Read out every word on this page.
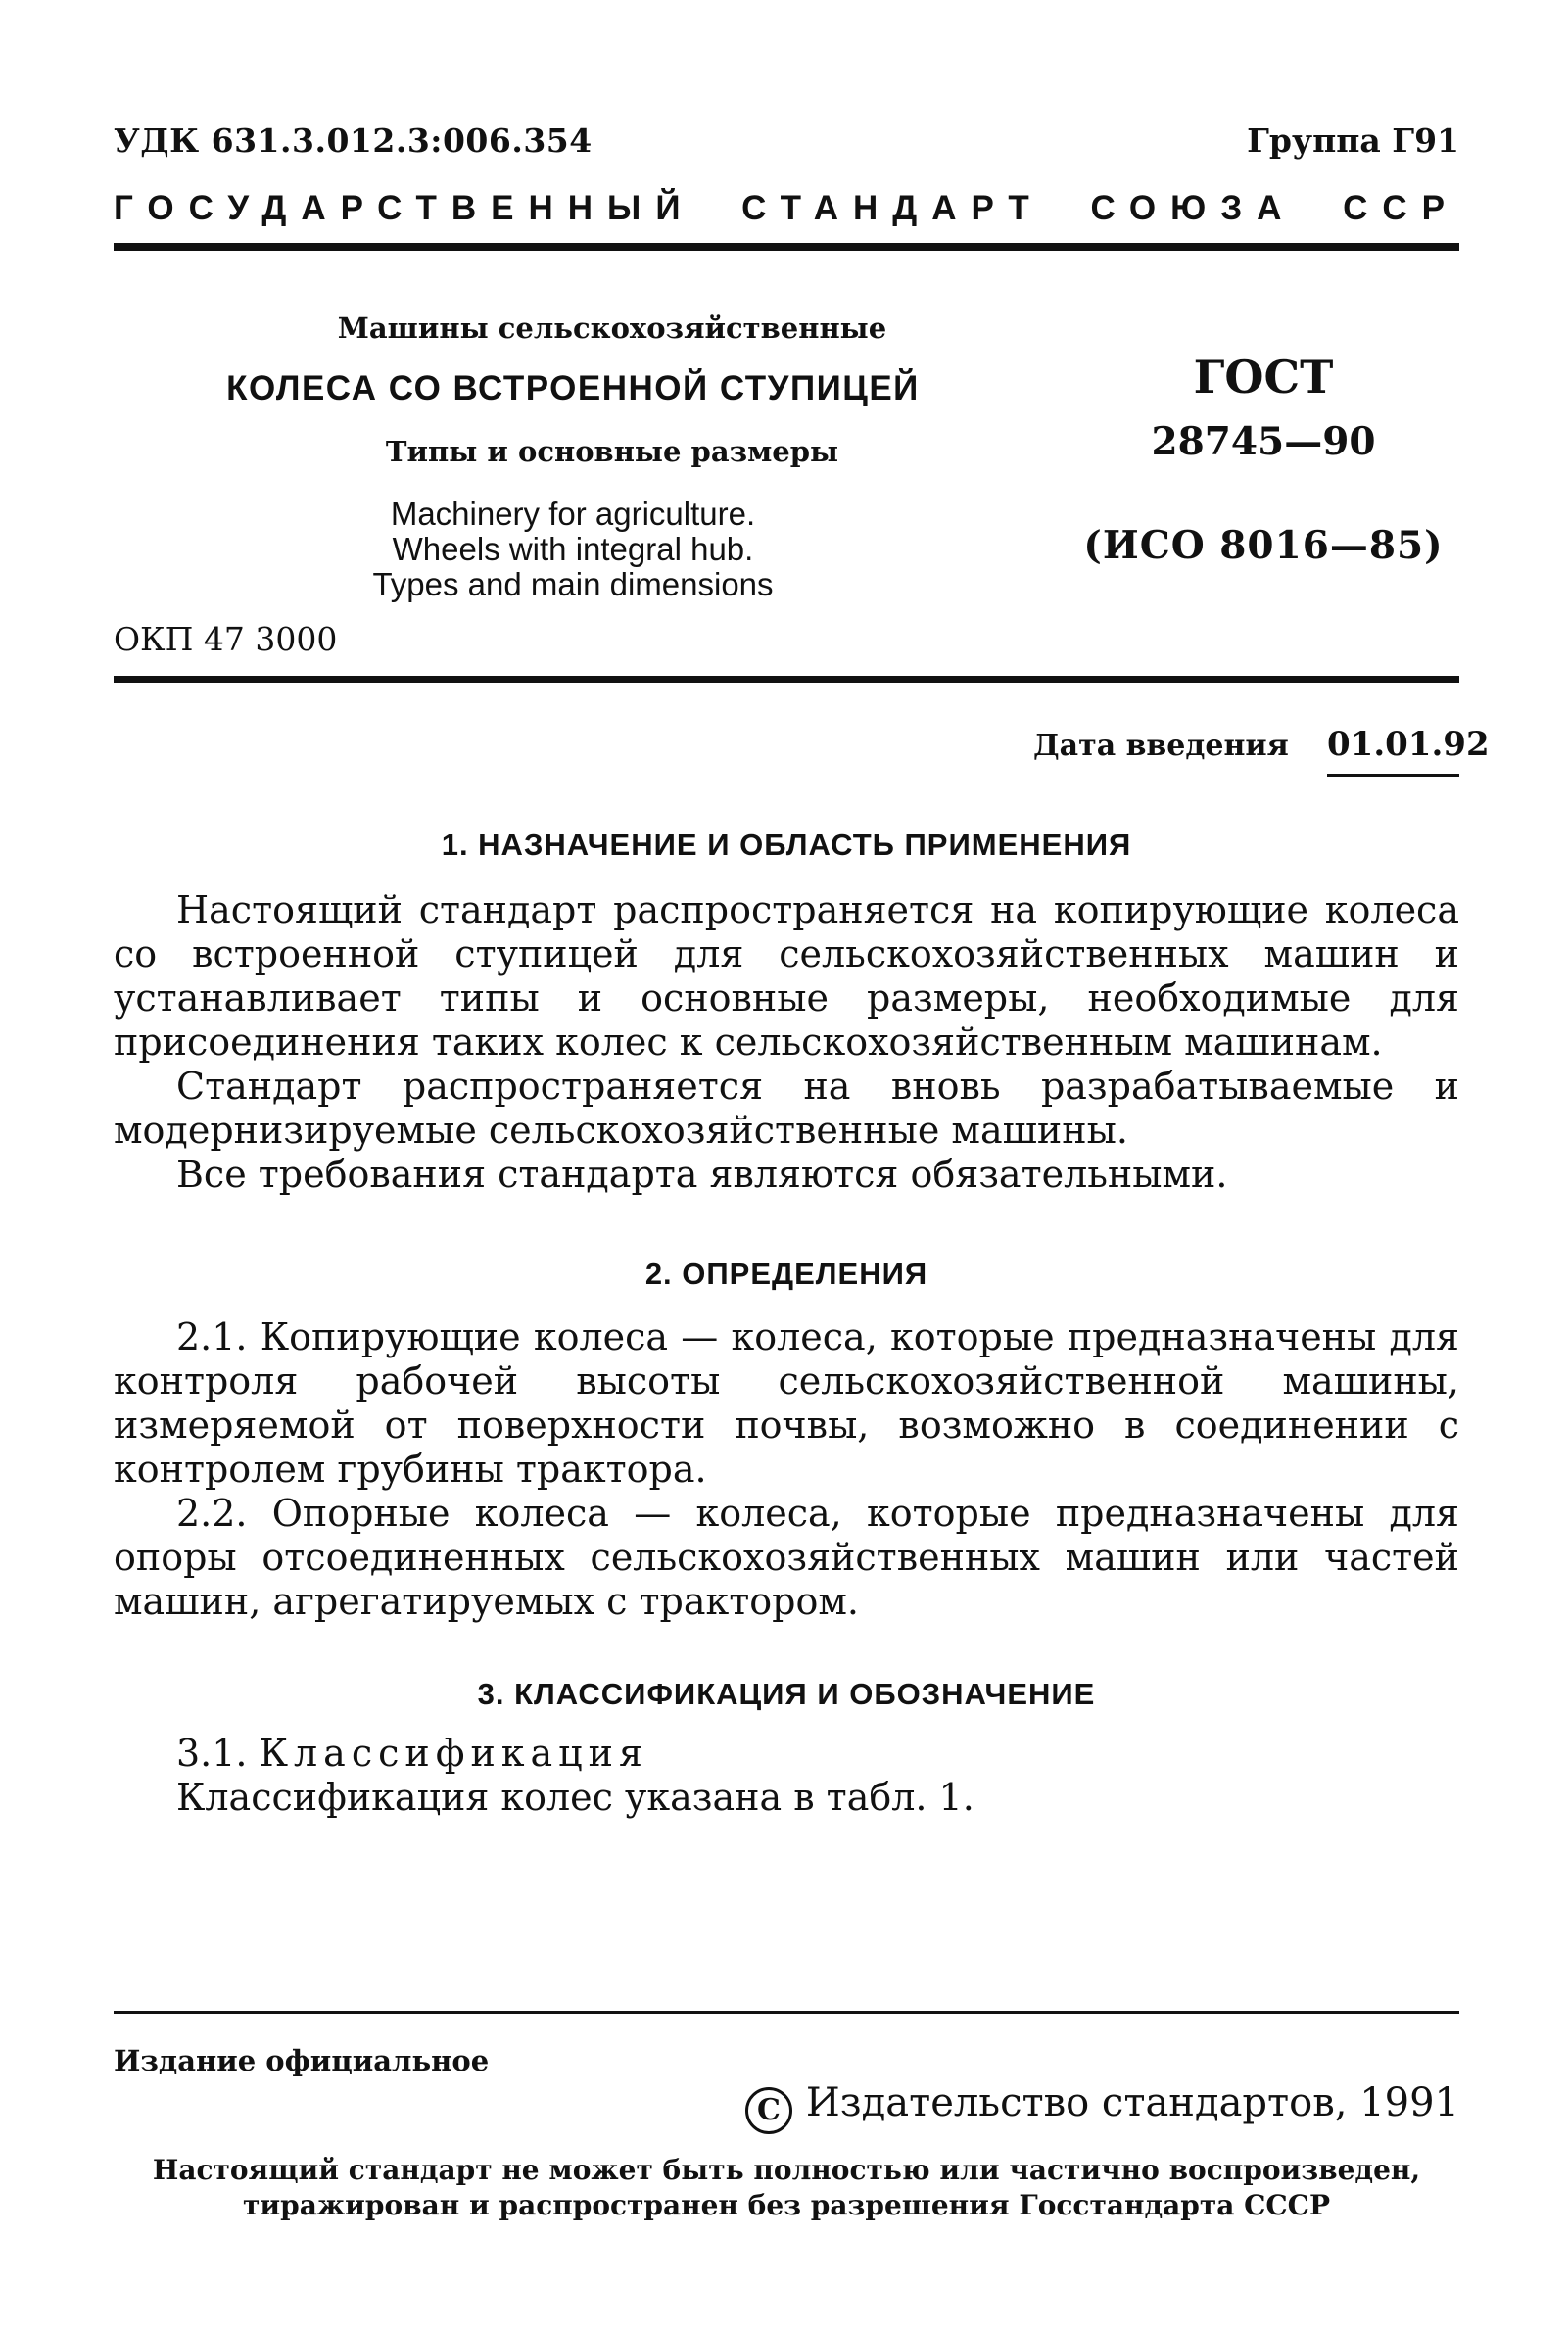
УДК 631.3.012.3:006.354	Группа Г91
ГОСУДАРСТВЕННЫЙ СТАНДАРТ СОЮЗА ССР
Машины сельскохозяйственные
КОЛЕСА СО ВСТРОЕННОЙ СТУПИЦЕЙ
Типы и основные размеры
Machinery for agriculture.
Wheels with integral hub.
Types and main dimensions
ОКП 47 3000
ГОСТ
28745—90
(ИСО 8016—85)
Дата введения 01.01.92
1. НАЗНАЧЕНИЕ И ОБЛАСТЬ ПРИМЕНЕНИЯ

Настоящий стандарт распространяется на копирующие колеса со встроенной ступицей для сельскохозяйственных машин и устанавливает типы и основные размеры, необходимые для присоединения таких колес к сельскохозяйственным машинам.

Стандарт распространяется на вновь разрабатываемые и модернизируемые сельскохозяйственные машины.

Все требования стандарта являются обязательными.

2. ОПРЕДЕЛЕНИЯ

2.1. Копирующие колеса — колеса, которые предназначены для контроля рабочей высоты сельскохозяйственной машины, измеряемой от поверхности почвы, возможно в соединении с контролем грубины трактора.

2.2. Опорные колеса — колеса, которые предназначены для опоры отсоединенных сельскохозяйственных машин или частей машин, агрегатируемых с трактором.

3. КЛАССИФИКАЦИЯ И ОБОЗНАЧЕНИЕ

3.1. Классификация

Классификация колес указана в табл. 1.

Издание официальное
C Издательство стандартов, 1991
Настоящий стандарт не может быть полностью или частично воспроизведен,
тиражирован и распространен без разрешения Госстандарта СССР
